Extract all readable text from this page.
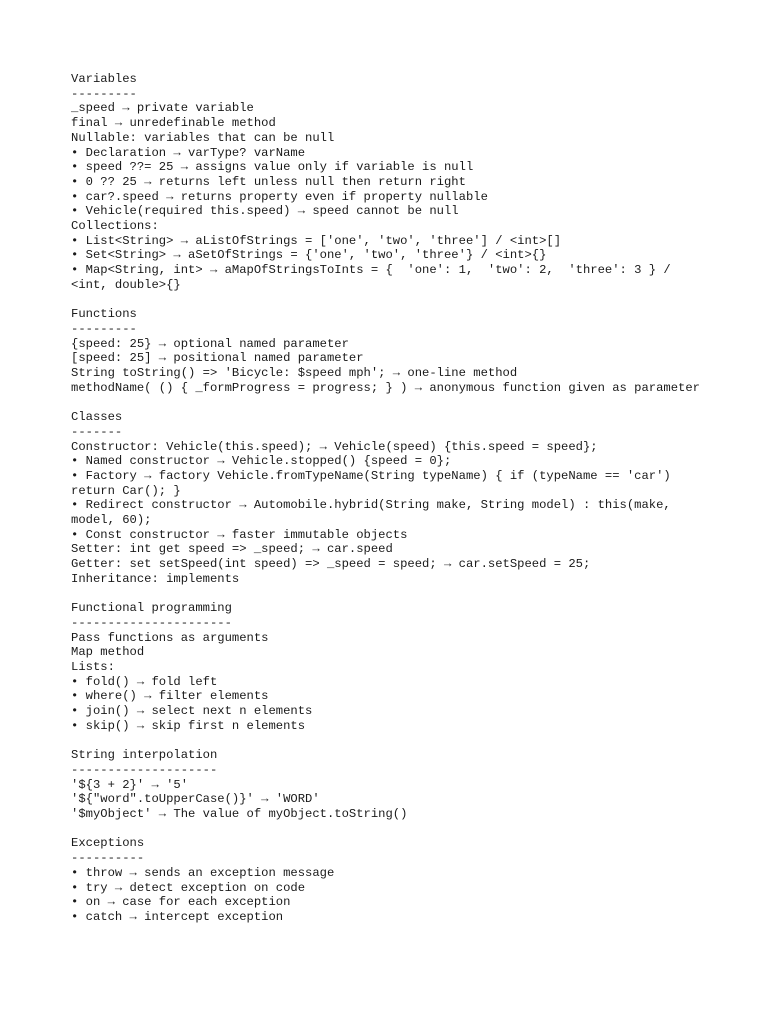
Variables
---------
_speed → private variable
final → unredefinable method
Nullable: variables that can be null
• Declaration → varType? varName
• speed ??= 25 → assigns value only if variable is null
• 0 ?? 25 → returns left unless null then return right
• car?.speed → returns property even if property nullable
• Vehicle(required this.speed) → speed cannot be null
Collections:
• List<String> → aListOfStrings = ['one', 'two', 'three'] / <int>[]
• Set<String> → aSetOfStrings = {'one', 'two', 'three'} / <int>{}
• Map<String, int> → aMapOfStringsToInts = {  'one': 1,  'two': 2,  'three': 3 } / <int, double>{}
Functions
---------
{speed: 25} → optional named parameter
[speed: 25] → positional named parameter
String toString() => 'Bicycle: $speed mph'; → one-line method
methodName( () { _formProgress = progress; } ) → anonymous function given as parameter
Classes
-------
Constructor: Vehicle(this.speed); → Vehicle(speed) {this.speed = speed};
• Named constructor → Vehicle.stopped() {speed = 0};
• Factory → factory Vehicle.fromTypeName(String typeName) { if (typeName == 'car') return Car(); }
• Redirect constructor → Automobile.hybrid(String make, String model) : this(make, model, 60);
• Const constructor → faster immutable objects
Setter: int get speed => _speed; → car.speed
Getter: set setSpeed(int speed) => _speed = speed; → car.setSpeed = 25;
Inheritance: implements
Functional programming
----------------------
Pass functions as arguments
Map method
Lists:
• fold() → fold left
• where() → filter elements
• join() → select next n elements
• skip() → skip first n elements
String interpolation
--------------------
'${3 + 2}' → '5'
'${"word".toUpperCase()}' → 'WORD'
'$myObject' → The value of myObject.toString()
Exceptions
----------
• throw → sends an exception message
• try → detect exception on code
• on → case for each exception
• catch → intercept exception
